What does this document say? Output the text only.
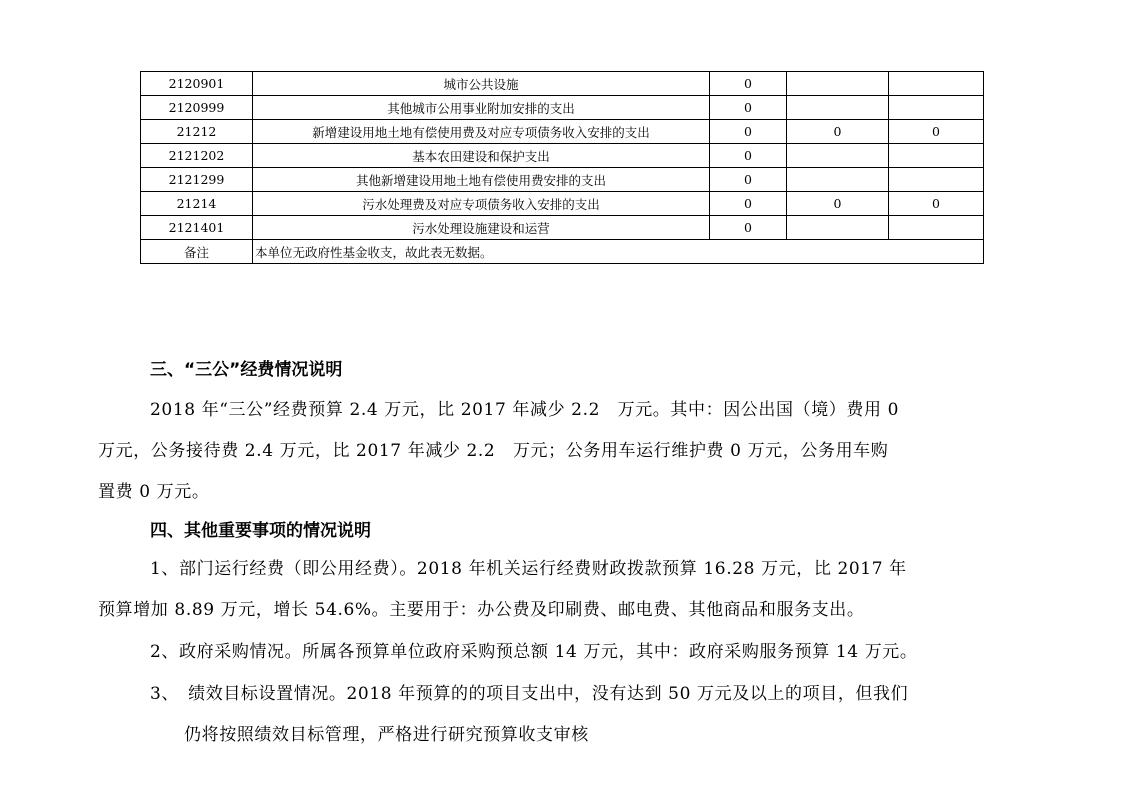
2120901	城市公共设施	0		
2120999	其他城市公用事业附加安排的支出	0		
21212	新增建设用地土地有偿使用费及对应专项债务收入安排的支出	0	0	0
2121202	基本农田建设和保护支出	0		
2121299	其他新增建设用地土地有偿使用费安排的支出	0		
21214	污水处理费及对应专项债务收入安排的支出	0	0	0
2121401	污水处理设施建设和运营	0		
备注	本单位无政府性基金收支，故此表无数据。			
三、“三公”经费情况说明
2018 年“三公”经费预算 2.4 万元，比 2017 年减少 2.2　万元。其中：因公出国（境）费用 0
万元，公务接待费 2.4 万元，比 2017 年减少 2.2　万元；公务用车运行维护费 0 万元，公务用车购
置费 0 万元。
四、其他重要事项的情况说明
1、部门运行经费（即公用经费）。2018 年机关运行经费财政拨款预算 16.28 万元，比 2017 年
预算增加 8.89 万元，增长 54.6%。主要用于：办公费及印刷费、邮电费、其他商品和服务支出。
2、政府采购情况。所属各预算单位政府采购预总额 14 万元，其中：政府采购服务预算 14 万元。
3、　绩效目标设置情况。2018 年预算的的项目支出中，没有达到 50 万元及以上的项目，但我们
仍将按照绩效目标管理，严格进行研究预算收支审核
